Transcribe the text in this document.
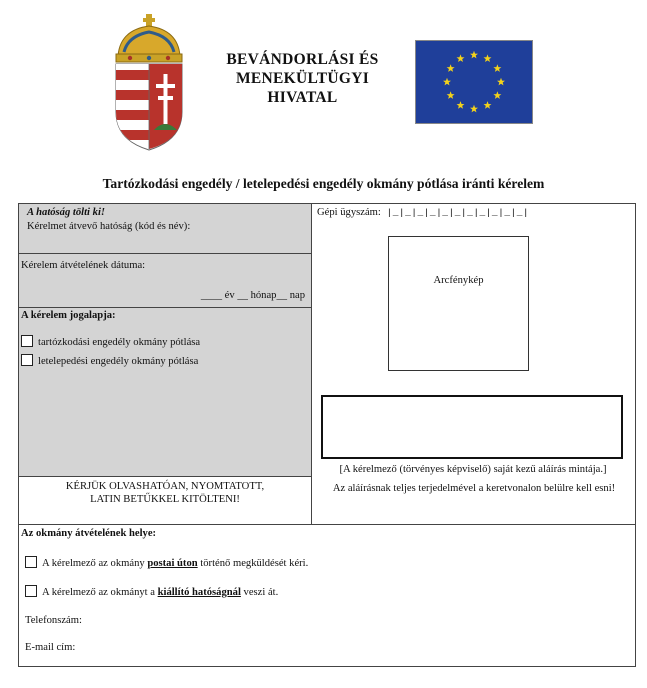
BEVÁNDORLÁSI ÉS
MENEKÜLTÜGYI
HIVATAL
Tartózkodási engedély / letelepedési engedély okmány pótlása iránti kérelem
A hatóság tölti ki!
Kérelmet átvevő hatóság (kód és név):
Kérelem átvételének dátuma:
____ év __ hónap__ nap
A kérelem jogalapja:
tartózkodási engedély okmány pótlása
letelepedési engedély okmány pótlása
KÉRJÜK OLVASHATÓAN, NYOMTATOTT, LATIN BETŰKKEL KITÖLTENI!
Gépi ügyszám: |_|_|_|_|_|_|_|_|_|_|_|
Arcfénykép
[A kérelmező (törvényes képviselő) saját kezű aláírás mintája.]
Az aláírásnak teljes terjedelmével a keretvonalon belülre kell esni!
Az okmány átvételének helye:
A kérelmező az okmány postai úton történő megküldését kéri.
A kérelmező az okmányt a kiállító hatóságnál veszi át.
Telefonszám:
E-mail cím:
